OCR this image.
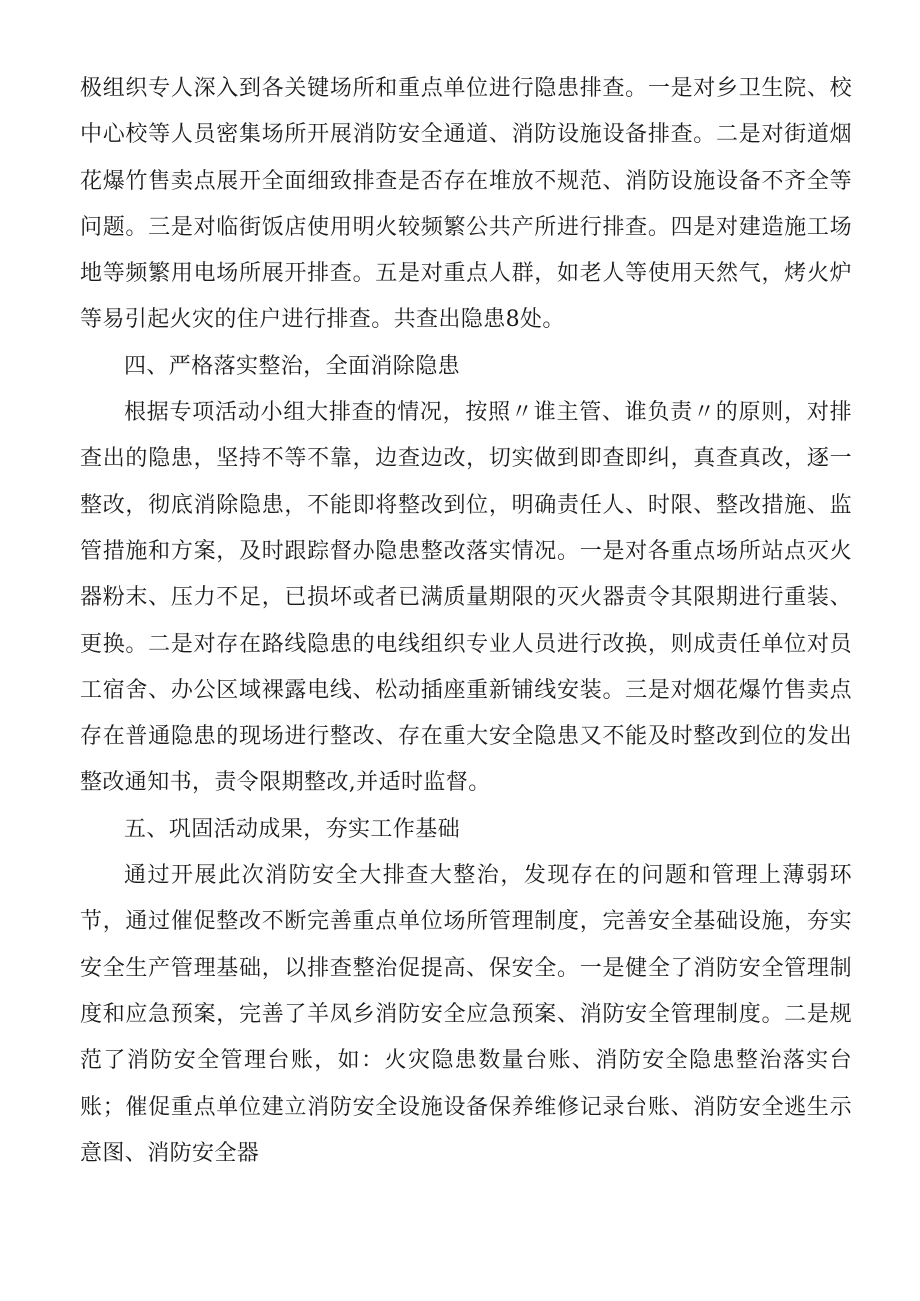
极组织专人深入到各关键场所和重点单位进行隐患排查。一是对乡卫生院、校中心校等人员密集场所开展消防安全通道、消防设施设备排查。二是对街道烟花爆竹售卖点展开全面细致排查是否存在堆放不规范、消防设施设备不齐全等问题。三是对临街饭店使用明火较频繁公共产所进行排查。四是对建造施工场地等频繁用电场所展开排查。五是对重点人群，如老人等使用天然气，烤火炉等易引起火灾的住户进行排查。共查出隐患8处。

四、严格落实整治，全面消除隐患

根据专项活动小组大排查的情况，按照〃谁主管、谁负责〃的原则，对排查出的隐患，坚持不等不靠，边查边改，切实做到即查即纠，真查真改，逐一整改，彻底消除隐患，不能即将整改到位，明确责任人、时限、整改措施、监管措施和方案，及时跟踪督办隐患整改落实情况。一是对各重点场所站点灭火器粉末、压力不足，已损坏或者已满质量期限的灭火器责令其限期进行重装、更换。二是对存在路线隐患的电线组织专业人员进行改换，则成责任单位对员工宿舍、办公区域裸露电线、松动插座重新铺线安装。三是对烟花爆竹售卖点存在普通隐患的现场进行整改、存在重大安全隐患又不能及时整改到位的发出整改通知书，责令限期整改,并适时监督。

五、巩固活动成果，夯实工作基础

通过开展此次消防安全大排查大整治，发现存在的问题和管理上薄弱环节，通过催促整改不断完善重点单位场所管理制度，完善安全基础设施，夯实安全生产管理基础，以排查整治促提高、保安全。一是健全了消防安全管理制度和应急预案，完善了羊凤乡消防安全应急预案、消防安全管理制度。二是规范了消防安全管理台账，如：火灾隐患数量台账、消防安全隐患整治落实台账；催促重点单位建立消防安全设施设备保养维修记录台账、消防安全逃生示意图、消防安全器
